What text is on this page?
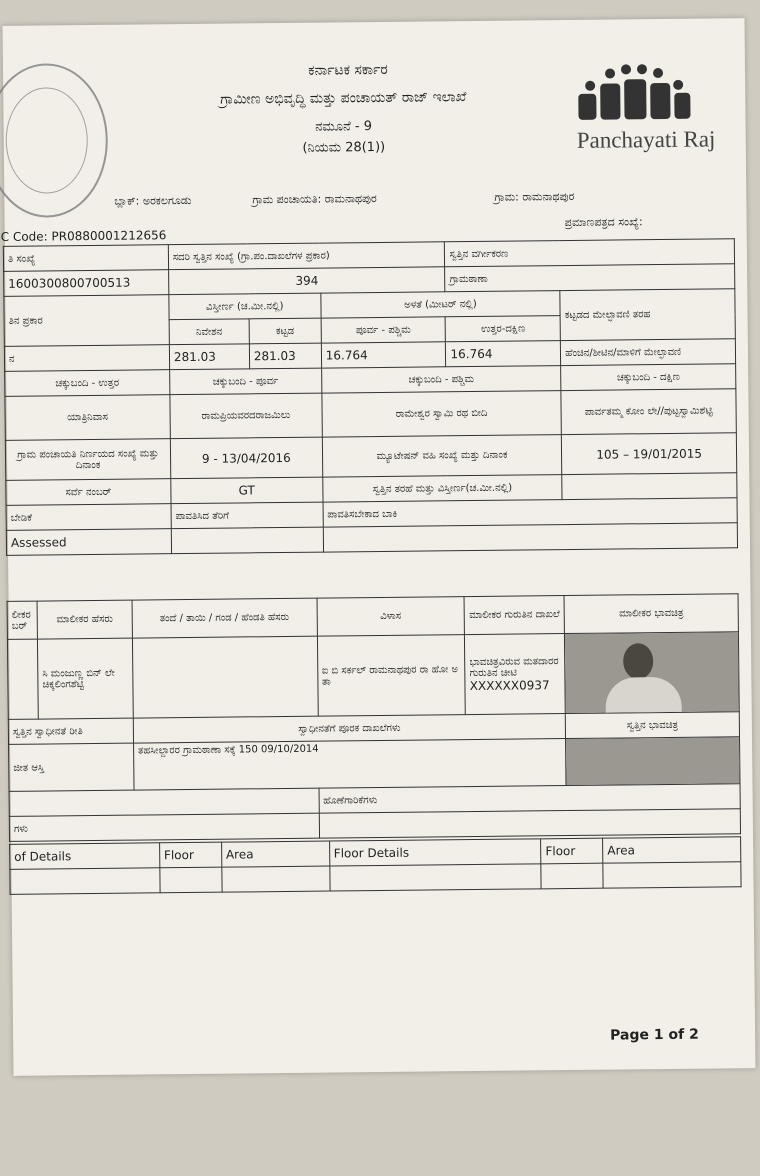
Panchayati Raj
ಕರ್ನಾಟಕ ಸರ್ಕಾರ
ಗ್ರಾಮೀಣ ಅಭಿವೃದ್ಧಿ ಮತ್ತು ಪಂಚಾಯತ್ ರಾಜ್ ಇಲಾಖೆ
ನಮೂನೆ - 9
(ನಿಯಮ 28(1))
ಬ್ಲಾಕ್: ಅರಕಲಗೂಡು	ಗ್ರಾಮ ಪಂಚಾಯತಿ: ರಾಮನಾಥಪುರ	ಗ್ರಾಮ: ರಾಮನಾಥಪುರ
ಪ್ರಮಾಣಪತ್ರದ ಸಂಖ್ಯೆ:
C Code: PR0880001212656
ತಿ ಸಂಖ್ಯೆ	ಸದರಿ ಸ್ವತ್ತಿನ ಸಂಖ್ಯೆ (ಗ್ರಾ.ಪಂ.ದಾಖಲೆಗಳ ಪ್ರಕಾರ)			ಸ್ವತ್ತಿನ ವರ್ಗೀಕರಣ	
1600300800700513	394			ಗ್ರಾಮಠಾಣಾ	
ತಿನ ಪ್ರಕಾರ	ವಿಸ್ತೀರ್ಣ (ಚ.ಮೀ.ನಲ್ಲಿ)		ಅಳತೆ (ಮೀಟರ್ ನಲ್ಲಿ)		ಕಟ್ಟಡದ ಮೇಲ್ಛಾವಣಿ ತರಹ
	ನಿವೇಶನ	ಕಟ್ಟಡ	ಪೂರ್ವ - ಪಶ್ಚಿಮ	ಉತ್ತರ-ದಕ್ಷಿಣ	
ನ	281.03	281.03	16.764	16.764	ಹೆಂಚಿನ/ಶೀಟಿನ/ಮಾಳಿಗೆ ಮೇಲ್ಛಾವಣಿ
ಚಕ್ಕುಬಂದಿ - ಉತ್ತರ	ಚಕ್ಕುಬಂದಿ - ಪೂರ್ವ		ಚಕ್ಕುಬಂದಿ - ಪಶ್ಚಿಮ		ಚಕ್ಕುಬಂದಿ - ದಕ್ಷಿಣ
ಯಾತ್ರಿನಿವಾಸ	ರಾಮಪ್ರಿಯವರದರಾಜಮಿಲು		ರಾಮೇಶ್ವರ ಸ್ವಾಮಿ ರಥ ಬೀದಿ		ಪಾರ್ವತಮ್ಮ ಕೋಂ ಲೇ//ಪುಟ್ಟಸ್ವಾಮಿಶೆಟ್ಟಿ
ಗ್ರಾಮ ಪಂಚಾಯತಿ ನಿರ್ಣಯದ ಸಂಖ್ಯೆ ಮತ್ತು ದಿನಾಂಕ	9 - 13/04/2016		ಮ್ಯೂಟೇಷನ್ ವಹಿ ಸಂಖ್ಯೆ ಮತ್ತು ದಿನಾಂಕ		105 – 19/01/2015
ಸರ್ವೆ ನಂಬರ್	GT		ಸ್ವತ್ತಿನ ತರಹೆ ಮತ್ತು ವಿಸ್ತೀರ್ಣ(ಚ.ಮೀ.ನಲ್ಲಿ)		
ಬೇಡಿಕೆ	ಪಾವತಿಸಿದ ತೆರಿಗೆ		ಪಾವತಿಸಬೇಕಾದ ಬಾಕಿ		
Assessed					
ಲೀಕರ ಬರ್	ಮಾಲೀಕರ ಹೆಸರು	ತಂದೆ / ತಾಯಿ / ಗಂಡ / ಹೆಂಡತಿ ಹೆಸರು	ವಿಳಾಸ	ಮಾಲೀಕರ ಗುರುತಿನ ದಾಖಲೆ	ಮಾಲೀಕರ ಭಾವಚಿತ್ರ
	ಸಿ ಮಂಜುಣ್ಣ ಬಿನ್ ಲೇ ಚಿಕ್ಕಲಿಂಗಶೆಟ್ಟಿ		ಐ ಬಿ ಸರ್ಕಲ್ ರಾಮನಾಥಪುರ ರಾ ಹೋ ಅ ತಾ	ಭಾವಚಿತ್ರವಿರುವ ಮತದಾರರ ಗುರುತಿನ ಚೀಟಿ
XXXXXX0937	

ಸ್ವತ್ತಿನ ಸ್ವಾಧೀನತೆ ರೀತಿ		ಸ್ವಾಧೀನತೆಗೆ ಪೂರಕ ದಾಖಲೆಗಳು			ಸ್ವತ್ತಿನ ಭಾವಚಿತ್ರ
ಜೀತ ಆಸ್ತಿ		ತಹಸೀಲ್ದಾರರ ಗ್ರಾಮಠಾಣಾ ಸಕ್ಕೆ 150 09/10/2014			
			ಹೊಣೆಗಾರಿಕೆಗಳು		
ಗಳು					
of Details	Floor	Area	Floor Details	Floor	Area

Page 1 of 2
